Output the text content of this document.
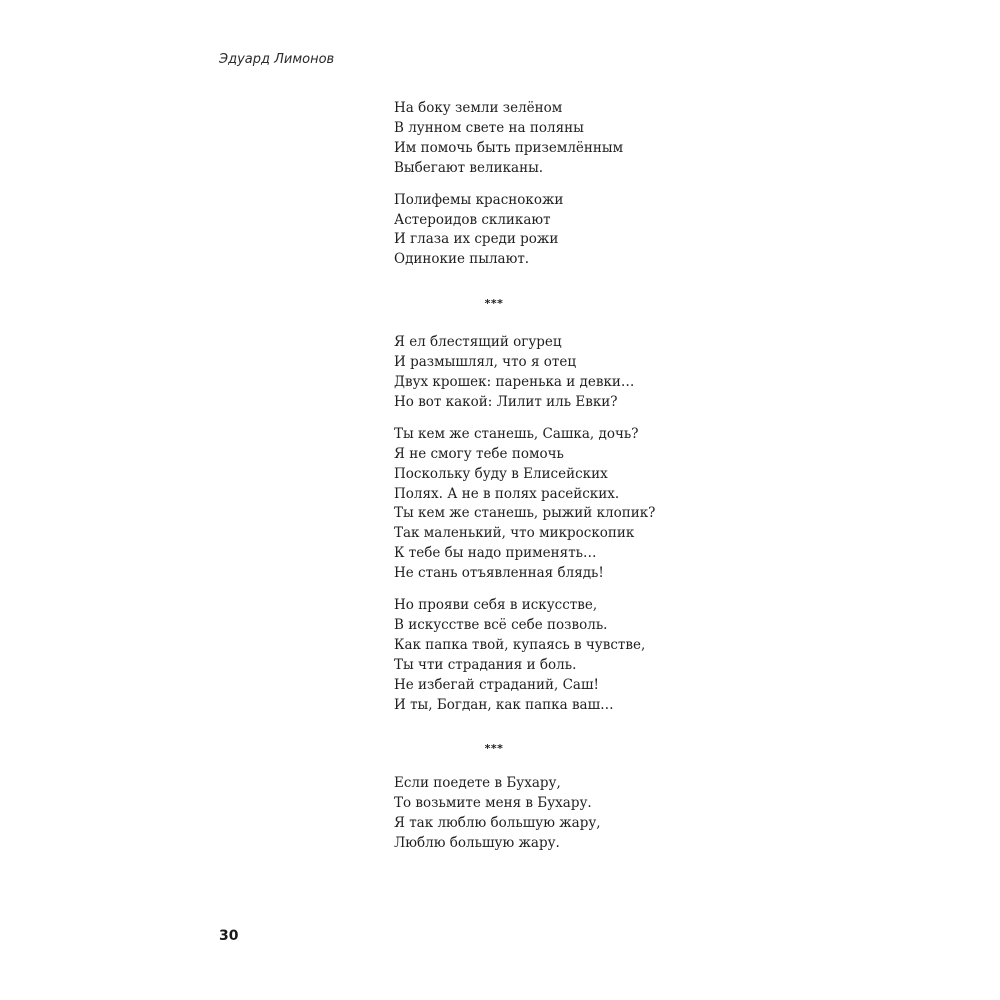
Эдуард Лимонов
На боку земли зелёном
В лунном свете на поляны
Им помочь быть приземлённым
Выбегают великаны.
Полифемы краснокожи
Астероидов скликают
И глаза их среди рожи
Одинокие пылают.
***
Я ел блестящий огурец
И размышлял, что я отец
Двух крошек: паренька и девки…
Но вот какой: Лилит иль Евки?
Ты кем же станешь, Сашка, дочь?
Я не смогу тебе помочь
Поскольку буду в Елисейских
Полях. А не в полях расейских.
Ты кем же станешь, рыжий клопик?
Так маленький, что микроскопик
К тебе бы надо применять…
Не стань отъявленная блядь!
Но прояви себя в искусстве,
В искусстве всё себе позволь.
Как папка твой, купаясь в чувстве,
Ты чти страдания и боль.
Не избегай страданий, Саш!
И ты, Богдан, как папка ваш…
***
Если поедете в Бухару,
То возьмите меня в Бухару.
Я так люблю большую жару,
Люблю большую жару.
30
